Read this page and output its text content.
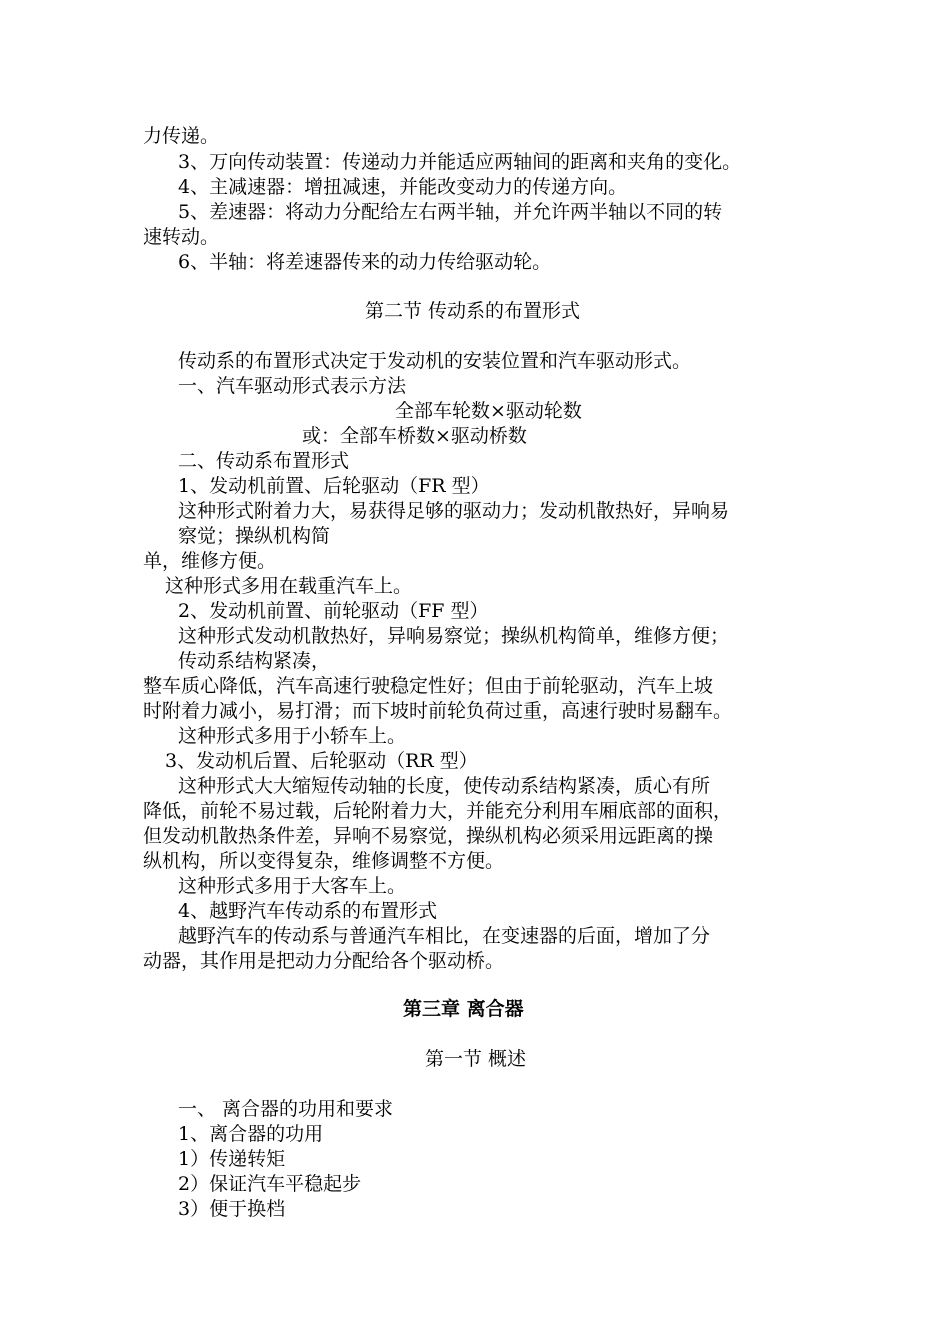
力传递。
3、万向传动装置：传递动力并能适应两轴间的距离和夹角的变化。
4、主减速器：增扭减速，并能改变动力的传递方向。
5、差速器：将动力分配给左右两半轴，并允许两半轴以不同的转
速转动。
6、半轴：将差速器传来的动力传给驱动轮。
第二节 传动系的布置形式
传动系的布置形式决定于发动机的安装位置和汽车驱动形式。
一、汽车驱动形式表示方法
全部车轮数×驱动轮数
或：全部车桥数×驱动桥数
二、传动系布置形式
1、发动机前置、后轮驱动（FR 型）
这种形式附着力大，易获得足够的驱动力；发动机散热好，异响易
察觉；操纵机构简
单，维修方便。
这种形式多用在载重汽车上。
2、发动机前置、前轮驱动（FF 型）
这种形式发动机散热好，异响易察觉；操纵机构简单，维修方便；
传动系结构紧凑，
整车质心降低，汽车高速行驶稳定性好；但由于前轮驱动，汽车上坡
时附着力减小，易打滑；而下坡时前轮负荷过重，高速行驶时易翻车。
这种形式多用于小轿车上。
3、发动机后置、后轮驱动（RR 型）
这种形式大大缩短传动轴的长度，使传动系结构紧凑，质心有所
降低，前轮不易过载，后轮附着力大，并能充分利用车厢底部的面积，
但发动机散热条件差，异响不易察觉，操纵机构必须采用远距离的操
纵机构，所以变得复杂，维修调整不方便。
这种形式多用于大客车上。
4、越野汽车传动系的布置形式
越野汽车的传动系与普通汽车相比，在变速器的后面，增加了分
动器，其作用是把动力分配给各个驱动桥。
第三章 离合器
第一节 概述
一、 离合器的功用和要求
1、离合器的功用
1）传递转矩
2）保证汽车平稳起步
3）便于换档
